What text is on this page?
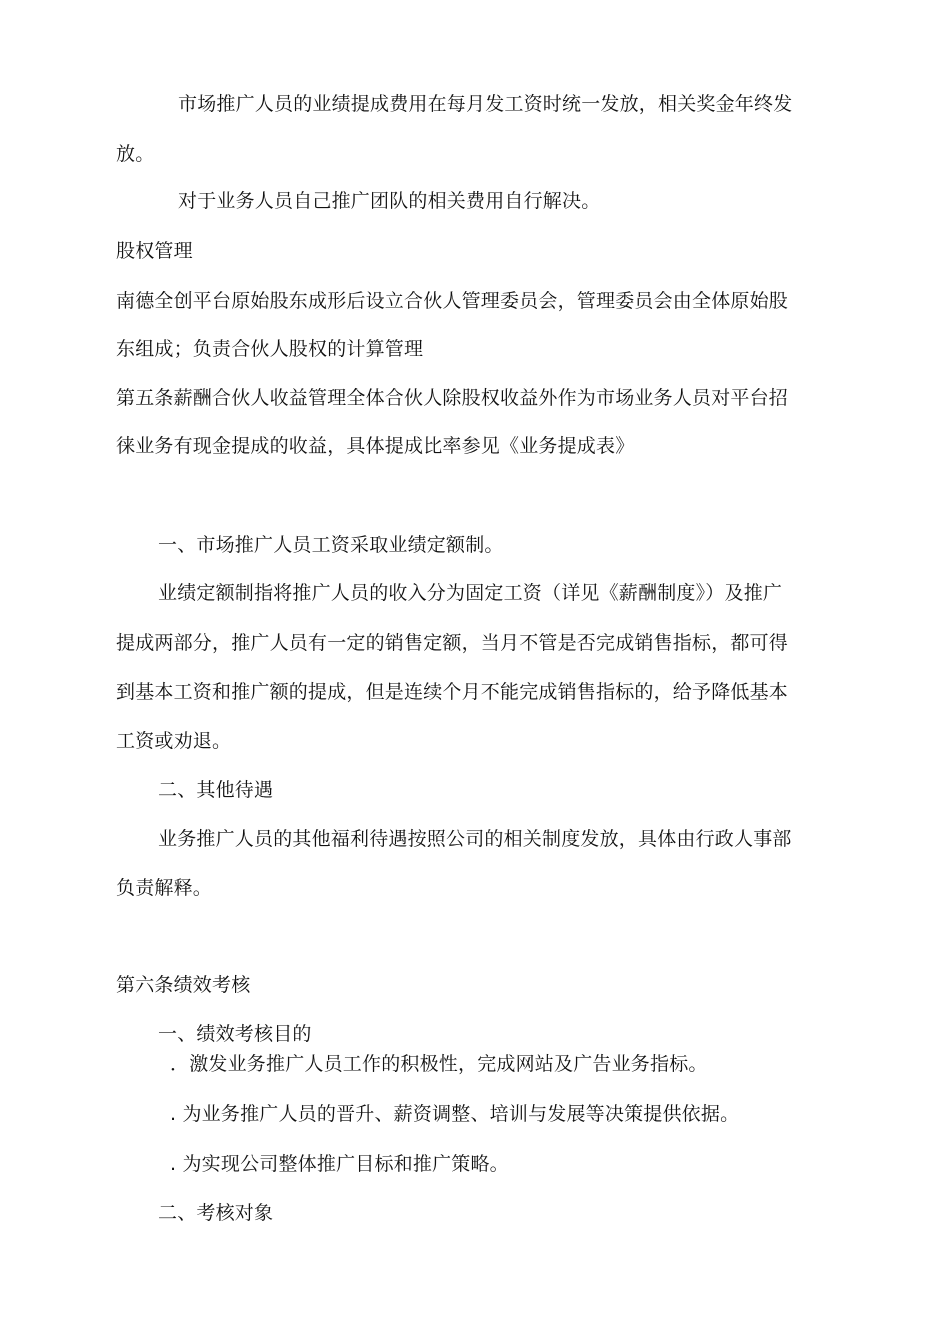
市场推广人员的业绩提成费用在每月发工资时统一发放，相关奖金年终发
放。
对于业务人员自己推广团队的相关费用自行解决。
股权管理
南德全创平台原始股东成形后设立合伙人管理委员会，管理委员会由全体原始股
东组成；负责合伙人股权的计算管理
第五条薪酬合伙人收益管理全体合伙人除股权收益外作为市场业务人员对平台招
徕业务有现金提成的收益，具体提成比率参见《业务提成表》
一、市场推广人员工资采取业绩定额制。
业绩定额制指将推广人员的收入分为固定工资（详见《薪酬制度》）及推广
提成两部分，推广人员有一定的销售定额，当月不管是否完成销售指标，都可得
到基本工资和推广额的提成，但是连续个月不能完成销售指标的，给予降低基本
工资或劝退。
二、其他待遇
业务推广人员的其他福利待遇按照公司的相关制度发放，具体由行政人事部
负责解释。
第六条绩效考核
一、绩效考核目的
．激发业务推广人员工作的积极性，完成网站及广告业务指标。
. 为业务推广人员的晋升、薪资调整、培训与发展等决策提供依据。
. 为实现公司整体推广目标和推广策略。
二、考核对象
